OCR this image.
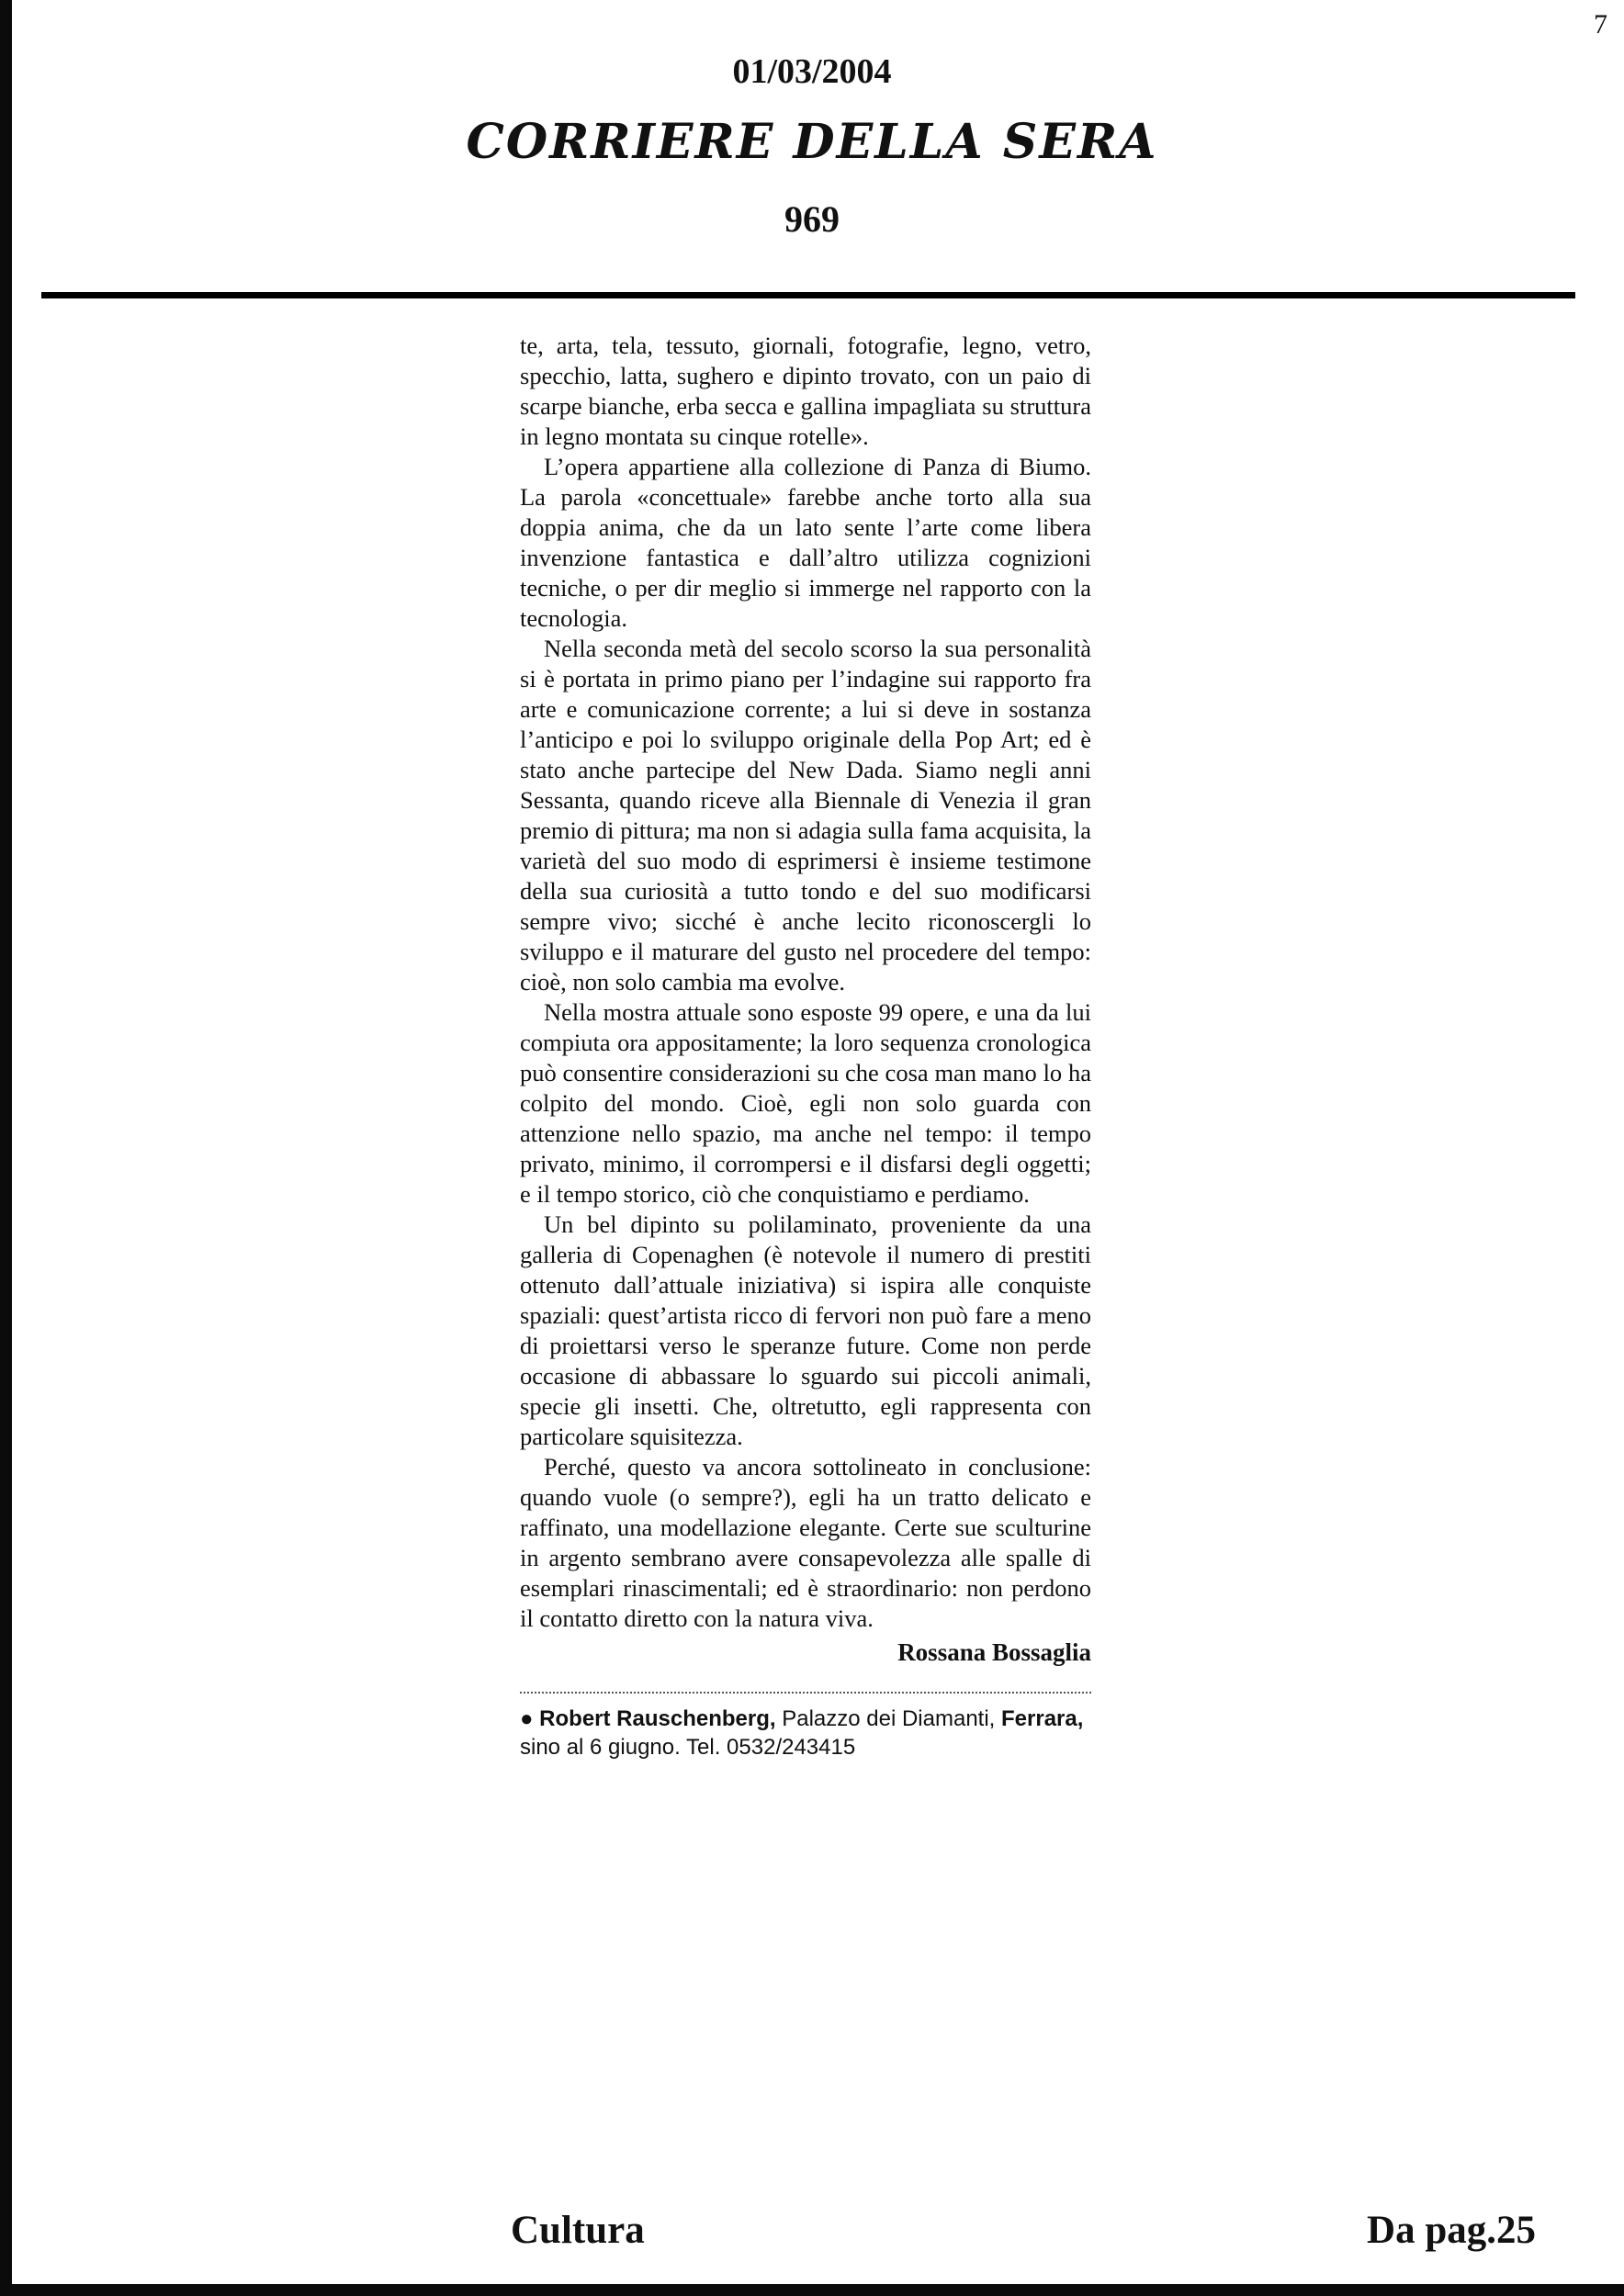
7
01/03/2004
CORRIERE DELLA SERA
969

te, arta, tela, tessuto, giornali, fotografie, legno, vetro, specchio, latta, sughero e dipinto trovato, con un paio di scarpe bianche, erba secca e gallina impagliata su struttura in legno montata su cinque rotelle».

L’opera appartiene alla collezione di Panza di Biumo. La parola «concettuale» farebbe anche torto alla sua doppia anima, che da un lato sente l’arte come libera invenzione fantastica e dall’altro utilizza cognizioni tecniche, o per dir meglio si immerge nel rapporto con la tecnologia.

Nella seconda metà del secolo scorso la sua personalità si è portata in primo piano per l’indagine sui rapporto fra arte e comunicazione corrente; a lui si deve in sostanza l’anticipo e poi lo sviluppo originale della Pop Art; ed è stato anche partecipe del New Dada. Siamo negli anni Sessanta, quando riceve alla Biennale di Venezia il gran premio di pittura; ma non si adagia sulla fama acquisita, la varietà del suo modo di esprimersi è insieme testimone della sua curiosità a tutto tondo e del suo modificarsi sempre vivo; sicché è anche lecito riconoscergli lo sviluppo e il maturare del gusto nel procedere del tempo: cioè, non solo cambia ma evolve.

Nella mostra attuale sono esposte 99 opere, e una da lui compiuta ora appositamente; la loro sequenza cronologica può consentire considerazioni su che cosa man mano lo ha colpito del mondo. Cioè, egli non solo guarda con attenzione nello spazio, ma anche nel tempo: il tempo privato, minimo, il corrompersi e il disfarsi degli oggetti; e il tempo storico, ciò che conquistiamo e perdiamo.

Un bel dipinto su polilaminato, proveniente da una galleria di Copenaghen (è notevole il numero di prestiti ottenuto dall’attuale iniziativa) si ispira alle conquiste spaziali: quest’artista ricco di fervori non può fare a meno di proiettarsi verso le speranze future. Come non perde occasione di abbassare lo sguardo sui piccoli animali, specie gli insetti. Che, oltretutto, egli rappresenta con particolare squisitezza.

Perché, questo va ancora sottolineato in conclusione: quando vuole (o sempre?), egli ha un tratto delicato e raffinato, una modellazione elegante. Certe sue sculturine in argento sembrano avere consapevolezza alle spalle di esemplari rinascimentali; ed è straordinario: non perdono il contatto diretto con la natura viva.

Rossana Bossaglia
● Robert Rauschenberg, Palazzo dei Diamanti, Ferrara, sino al 6 giugno. Tel. 0532/243415
Cultura	Da pag.25
